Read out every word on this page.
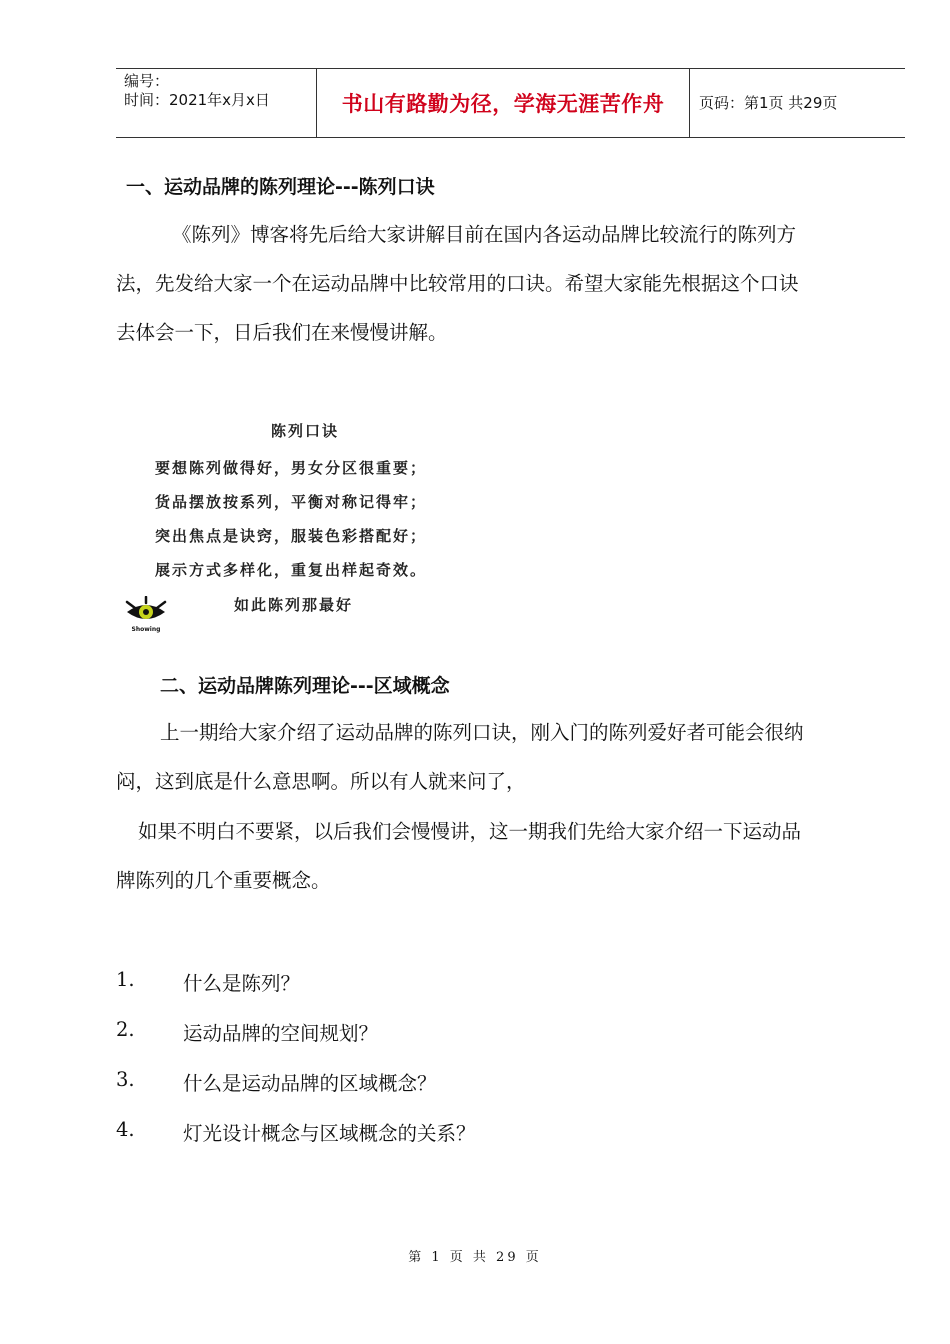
编号：
时间：2021年x月x日	书山有路勤为径，学海无涯苦作舟 页码：第1页 共29页
一、运动品牌的陈列理论---陈列口诀
《陈列》博客将先后给大家讲解目前在国内各运动品牌比较流行的陈列方
法，先发给大家一个在运动品牌中比较常用的口诀。希望大家能先根据这个口诀
去体会一下，日后我们在来慢慢讲解。
陈列口诀
要想陈列做得好，男女分区很重要；
货品摆放按系列，平衡对称记得牢；
突出焦点是诀窍，服装色彩搭配好；
展示方式多样化，重复出样起奇效。
如此陈列那最好
Showing
二、运动品牌陈列理论---区域概念
上一期给大家介绍了运动品牌的陈列口诀，刚入门的陈列爱好者可能会很纳
闷，这到底是什么意思啊。所以有人就来问了，
如果不明白不要紧，以后我们会慢慢讲，这一期我们先给大家介绍一下运动品
牌陈列的几个重要概念。
1. 什么是陈列？
2. 运动品牌的空间规划？
3. 什么是运动品牌的区域概念？
4. 灯光设计概念与区域概念的关系？
第 1 页 共 29 页
